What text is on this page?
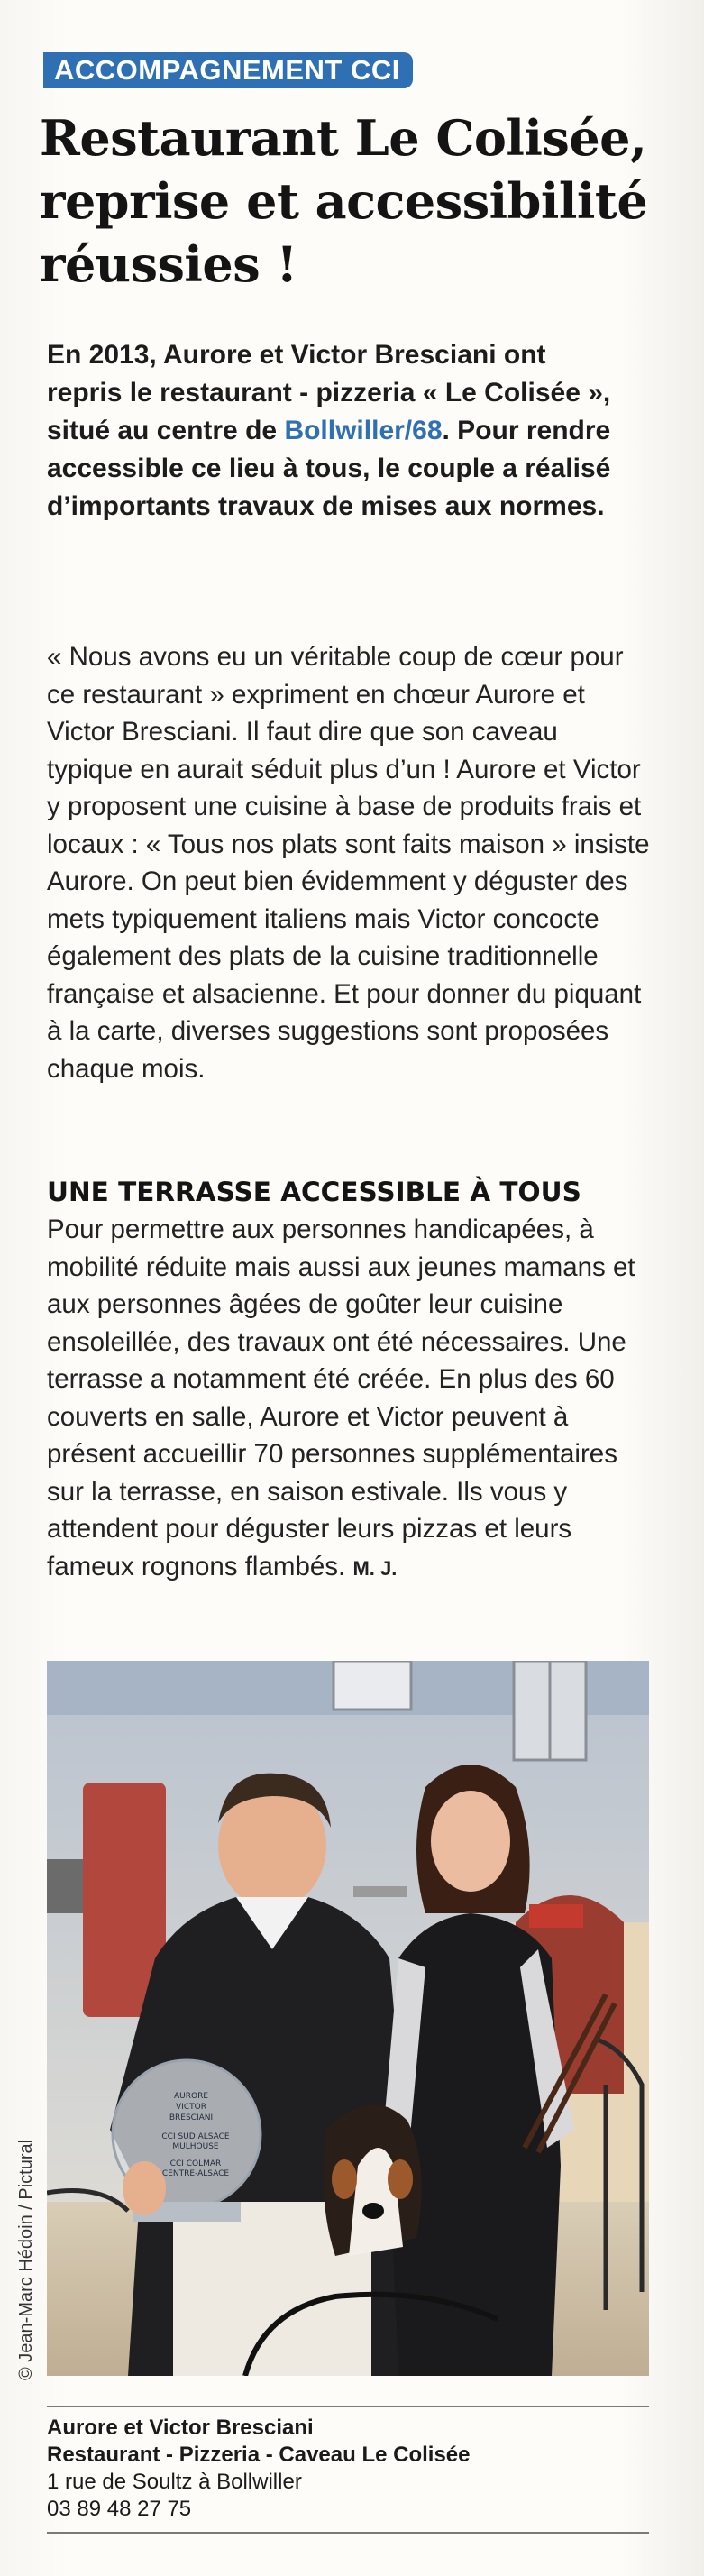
ACCOMPAGNEMENT CCI
Restaurant Le Colisée,
reprise et accessibilité
réussies !

En 2013, Aurore et Victor Bresciani ont repris le restaurant - pizzeria « Le Colisée », situé au centre de Bollwiller/68. Pour rendre accessible ce lieu à tous, le couple a réalisé d’importants travaux de mises aux normes.

« Nous avons eu un véritable coup de cœur pour ce restaurant » expriment en chœur Aurore et Victor Bresciani. Il faut dire que son caveau typique en aurait séduit plus d’un ! Aurore et Victor y proposent une cuisine à base de produits frais et locaux : « Tous nos plats sont faits maison » insiste Aurore. On peut bien évidemment y déguster des mets typiquement italiens mais Victor concocte également des plats de la cuisine traditionnelle française et alsacienne. Et pour donner du piquant à la carte, diverses suggestions sont proposées chaque mois.

UNE TERRASSE ACCESSIBLE À TOUS

Pour permettre aux personnes handicapées, à mobilité réduite mais aussi aux jeunes mamans et aux personnes âgées de goûter leur cuisine ensoleillée, des travaux ont été nécessaires. Une terrasse a notamment été créée. En plus des 60 couverts en salle, Aurore et Victor peuvent à présent accueillir 70 personnes supplémentaires sur la terrasse, en saison estivale. Ils vous y attendent pour déguster leurs pizzas et leurs fameux rognons flambés. M. J.

AURORE
VICTOR
BRESCIANI
CCI SUD ALSACE
MULHOUSE
CCI COLMAR
CENTRE-ALSACE
© Jean-Marc Hédoin / Pictural
Aurore et Victor Bresciani
Restaurant - Pizzeria - Caveau Le Colisée
1 rue de Soultz à Bollwiller
03 89 48 27 75
